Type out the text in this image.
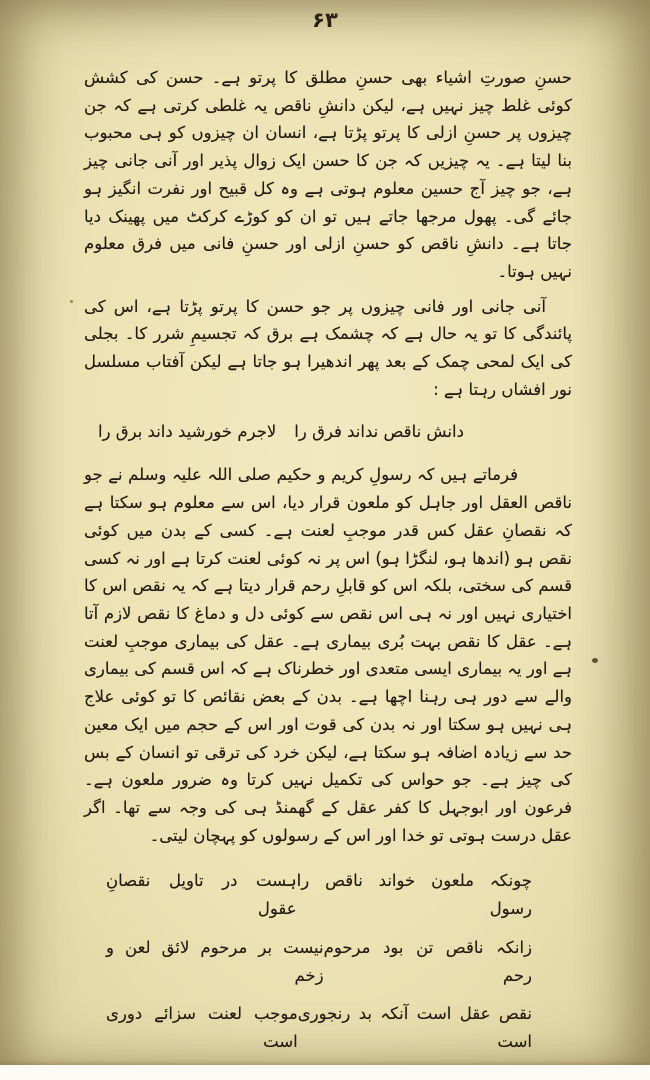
۶۳

حسنِ صورتِ اشیاء بھی حسنِ مطلق کا پرتو ہے۔ حسن کی کشش کوئی غلط چیز نہیں ہے، لیکن دانشِ ناقص یہ غلطی کرتی ہے کہ جن چیزوں پر حسنِ ازلی کا پرتو پڑتا ہے، انسان ان چیزوں کو ہی محبوب بنا لیتا ہے۔ یہ چیزیں کہ جن کا حسن ایک زوال پذیر اور آنی جانی چیز ہے، جو چیز آج حسین معلوم ہوتی ہے وہ کل قبیح اور نفرت انگیز ہو جائے گی۔ پھول مرجھا جاتے ہیں تو ان کو کوڑے کرکٹ میں پھینک دیا جاتا ہے۔ دانشِ ناقص کو حسنِ ازلی اور حسنِ فانی میں فرق معلوم نہیں ہوتا۔

آنی جانی اور فانی چیزوں پر جو حسن کا پرتو پڑتا ہے، اس کی پائندگی کا تو یہ حال ہے کہ چشمک ہے برق کہ تجسیمِ شرر کا۔ بجلی کی ایک لمحی چمک کے بعد پھر اندھیرا ہو جاتا ہے لیکن آفتاب مسلسل نور افشاں رہتا ہے :

دانش ناقص نداند فرق را
لاجرم خورشید داند برق را

فرماتے ہیں کہ رسولِ کریم و حکیم صلی اللہ علیہ وسلم نے جو ناقص العقل اور جاہل کو ملعون قرار دیا، اس سے معلوم ہو سکتا ہے کہ نقصانِ عقل کس قدر موجبِ لعنت ہے۔ کسی کے بدن میں کوئی نقص ہو (اندھا ہو، لنگڑا ہو) اس پر نہ کوئی لعنت کرتا ہے اور نہ کسی قسم کی سختی، بلکہ اس کو قابلِ رحم قرار دیتا ہے کہ یہ نقص اس کا اختیاری نہیں اور نہ ہی اس نقص سے کوئی دل و دماغ کا نقص لازم آتا ہے۔ عقل کا نقص بہت بُری بیماری ہے۔ عقل کی بیماری موجبِ لعنت ہے اور یہ بیماری ایسی متعدی اور خطرناک ہے کہ اس قسم کی بیماری والے سے دور ہی رہنا اچھا ہے۔ بدن کے بعض نقائص کا تو کوئی علاج ہی نہیں ہو سکتا اور نہ بدن کی قوت اور اس کے حجم میں ایک معین حد سے زیادہ اضافہ ہو سکتا ہے، لیکن خرد کی ترقی تو انسان کے بس کی چیز ہے۔ جو حواس کی تکمیل نہیں کرتا وہ ضرور ملعون ہے۔ فرعون اور ابوجہل کا کفر عقل کے گھمنڈ ہی کی وجہ سے تھا۔ اگر عقل درست ہوتی تو خدا اور اس کے رسولوں کو پہچان لیتی۔

چونکہ ملعون خواند ناقص را رسول
ہست در تاویل نقصانِ عقول
زانکہ ناقص تن بود مرحوم رحم
نیست بر مرحوم لائق لعن و زخم
نقص عقل است آنکہ بد رنجوری است
موجب لعنت سزائے دوری است
